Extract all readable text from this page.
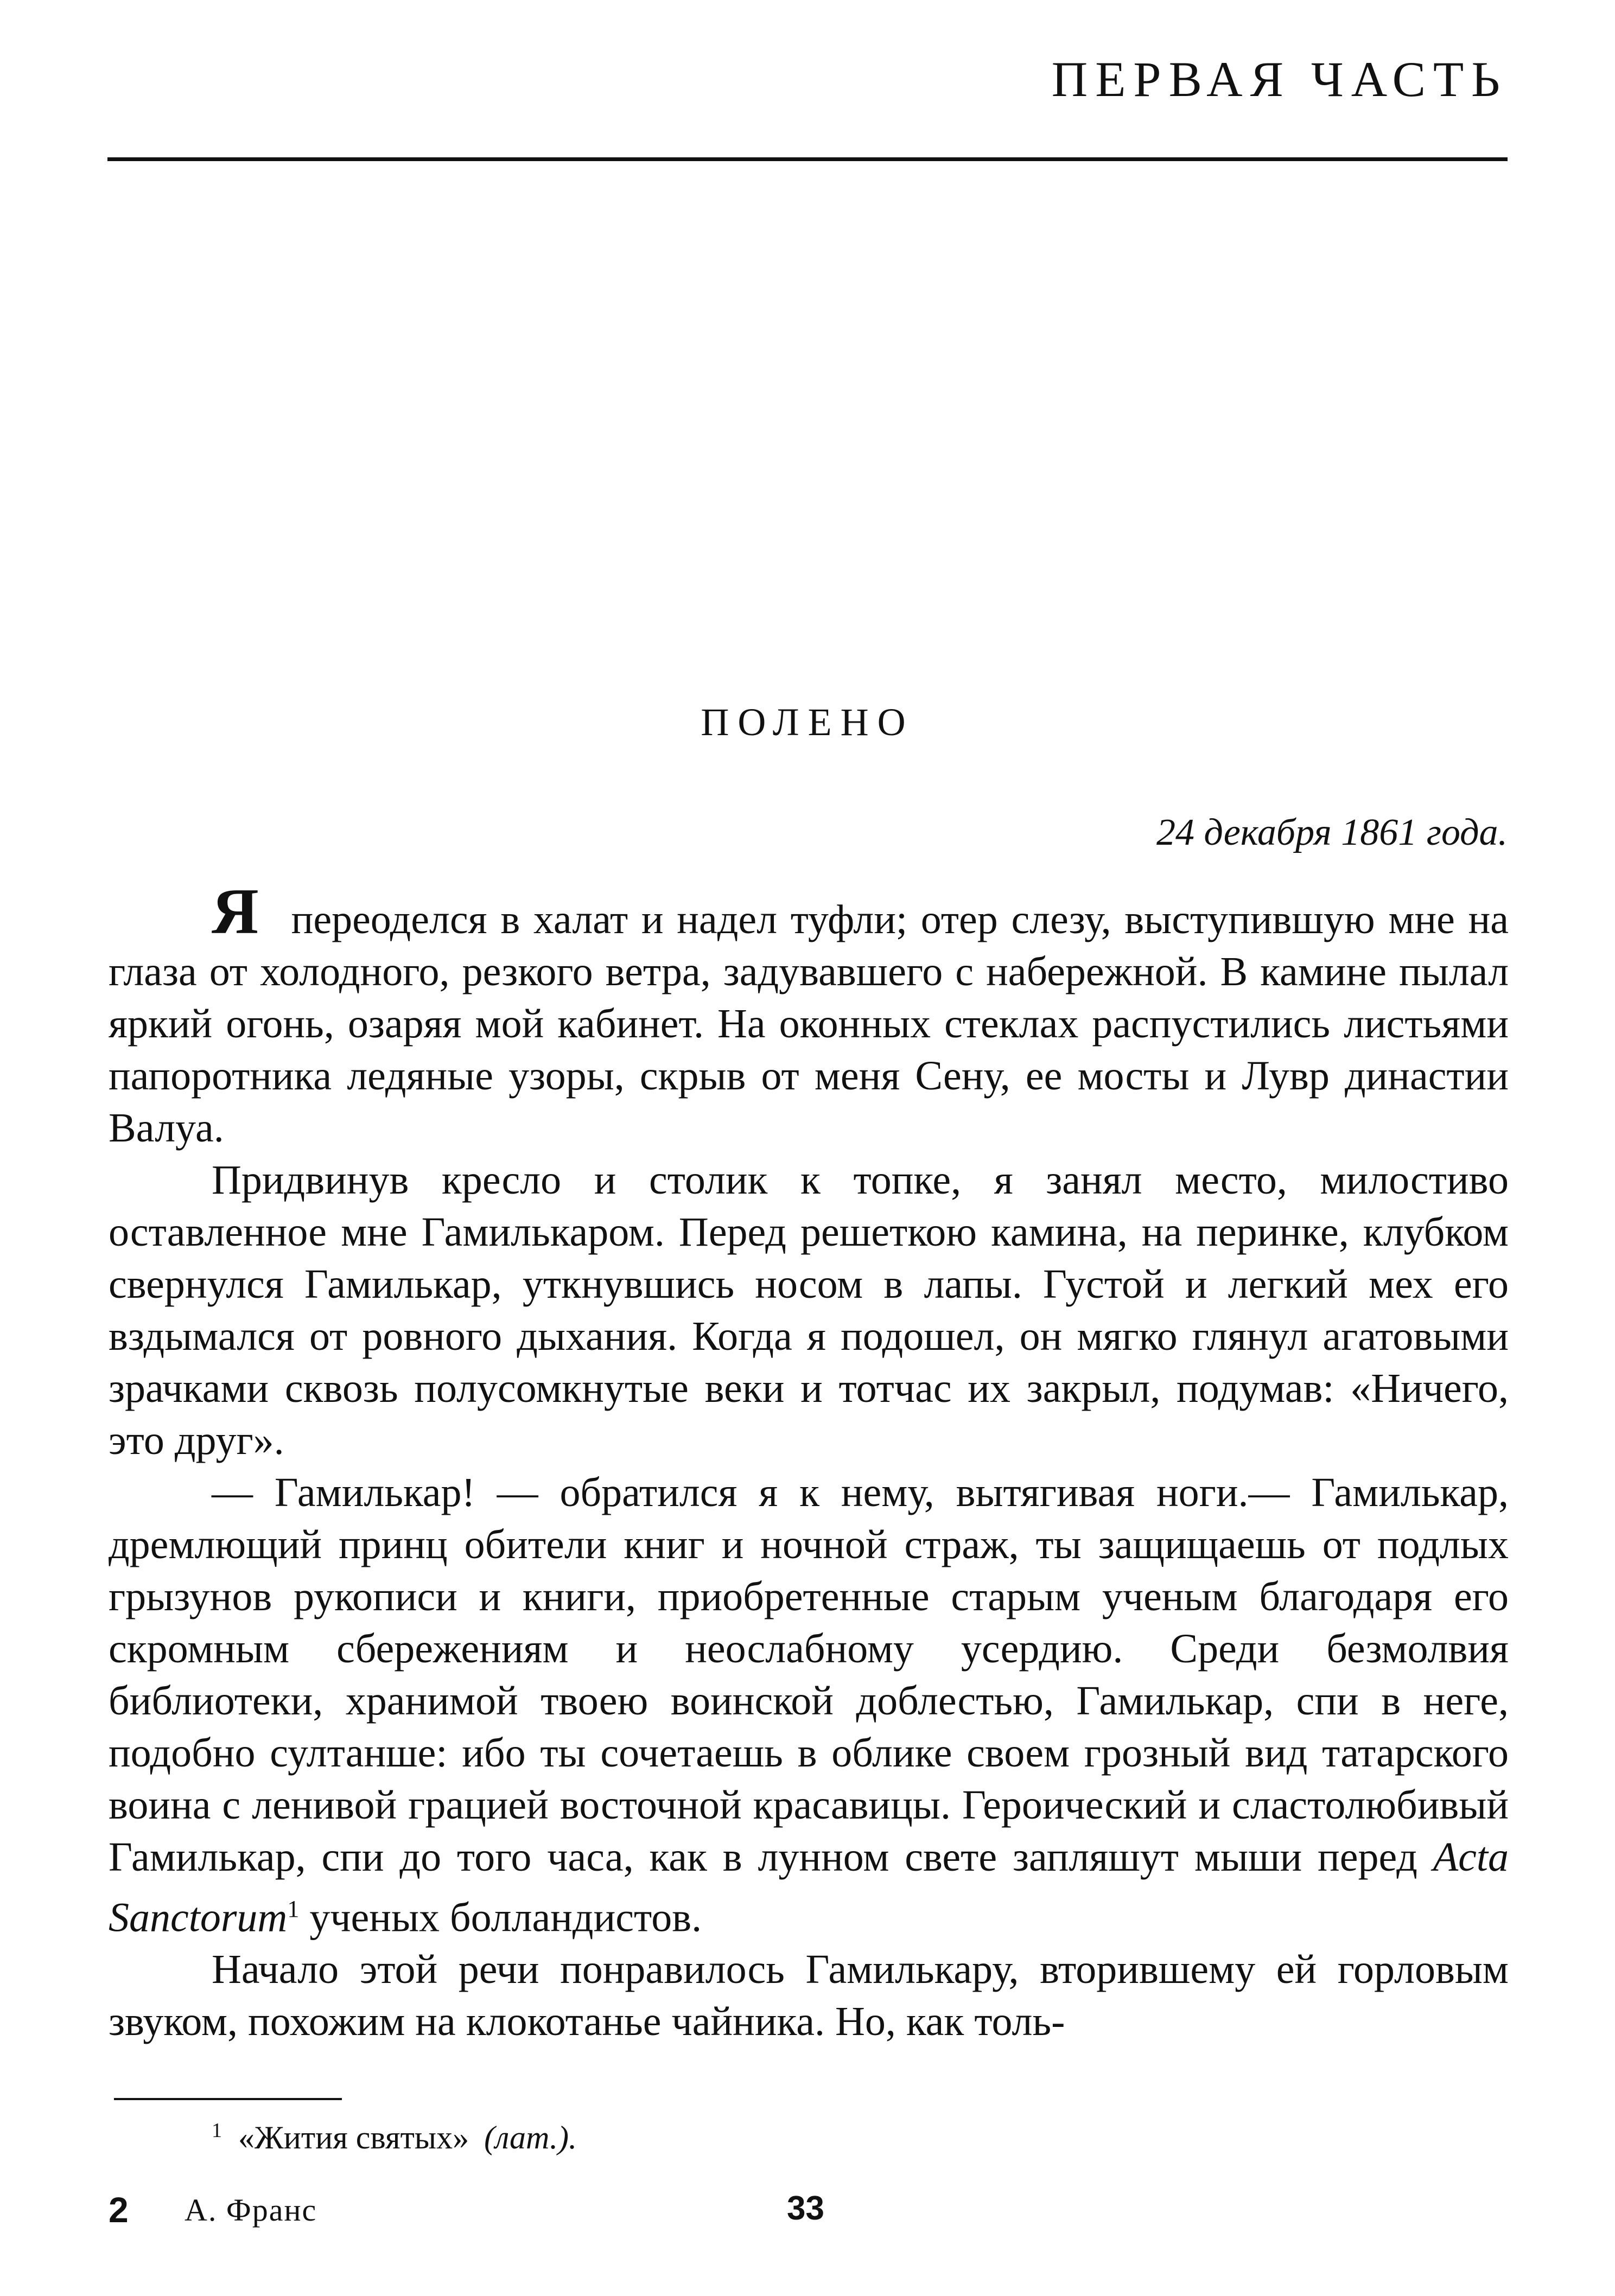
ПЕРВАЯ ЧАСТЬ
ПОЛЕНО
24 декабря 1861 года.

Япереоделся в халат и надел туфли; отер слезу, выступившую мне на глаза от холодного, резкого ветра, задувавшего с набережной. В камине пылал яркий огонь, озаряя мой кабинет. На оконных стеклах распустились листьями папоротника ледяные узоры, скрыв от меня Сену, ее мосты и Лувр династии Валуа.

Придвинув кресло и столик к топке, я занял место, милостиво оставленное мне Гамилькаром. Перед решеткою камина, на перинке, клубком свернулся Гамилькар, уткнувшись носом в лапы. Густой и легкий мех его вздымался от ровного дыхания. Когда я подошел, он мягко глянул агатовыми зрачками сквозь полусомкнутые веки и тотчас их закрыл, подумав: «Ничего, это друг».

— Гамилькар! — обратился я к нему, вытягивая ноги.— Гамилькар, дремлющий принц обители книг и ночной страж, ты защищаешь от подлых грызунов рукописи и книги, приобретенные старым ученым благодаря его скромным сбережениям и неослабному усердию. Среди безмолвия библиотеки, хранимой твоею воинской доблестью, Гамилькар, спи в неге, подобно султанше: ибо ты сочетаешь в облике своем грозный вид татарского воина с ленивой грацией восточной красавицы. Героический и сластолюбивый Гамилькар, спи до того часа, как в лунном свете запляшут мыши перед Acta Sanctorum$^1$ ученых болландистов.

Начало этой речи понравилось Гамилькару, вторившему ей горловым звуком, похожим на клокотанье чайника. Но, как толь-

$^1$ «Жития святых» (лат.).
2 А. Франс	33
